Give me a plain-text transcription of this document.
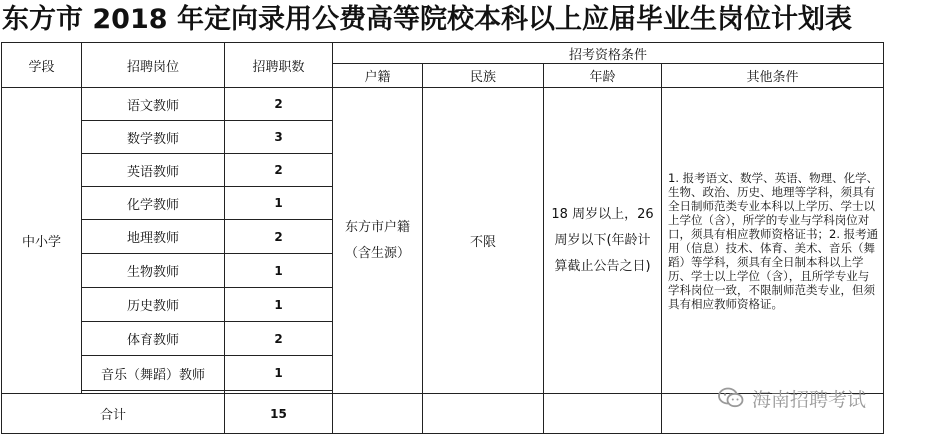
东方市 2018 年定向录用公费高等院校本科以上应届毕业生岗位计划表
学段	招聘岗位	招聘职数	招考资格条件			
			户籍	民族	年龄	其他条件
中小学	语文教师	2	东方市户籍（含生源）	不限	18 周岁以上，26 周岁以下(年龄计算截止公告之日)	1. 报考语文、数学、英语、物理、化学、生物、政治、历史、地理等学科，须具有全日制师范类专业本科以上学历、学士以上学位（含），所学的专业与学科岗位对口，须具有相应教师资格证书；2. 报考通用（信息）技术、体育、美术、音乐（舞蹈）等学科，须具有全日制本科以上学历、学士以上学位（含），且所学专业与学科岗位一致，不限制师范类专业，但须具有相应教师资格证。
	数学教师	3				
	英语教师	2				
	化学教师	1				
	地理教师	2				
	生物教师	1				
	历史教师	1				
	体育教师	2				
	音乐（舞蹈）教师	1				

合计		15				
海南招聘考试
